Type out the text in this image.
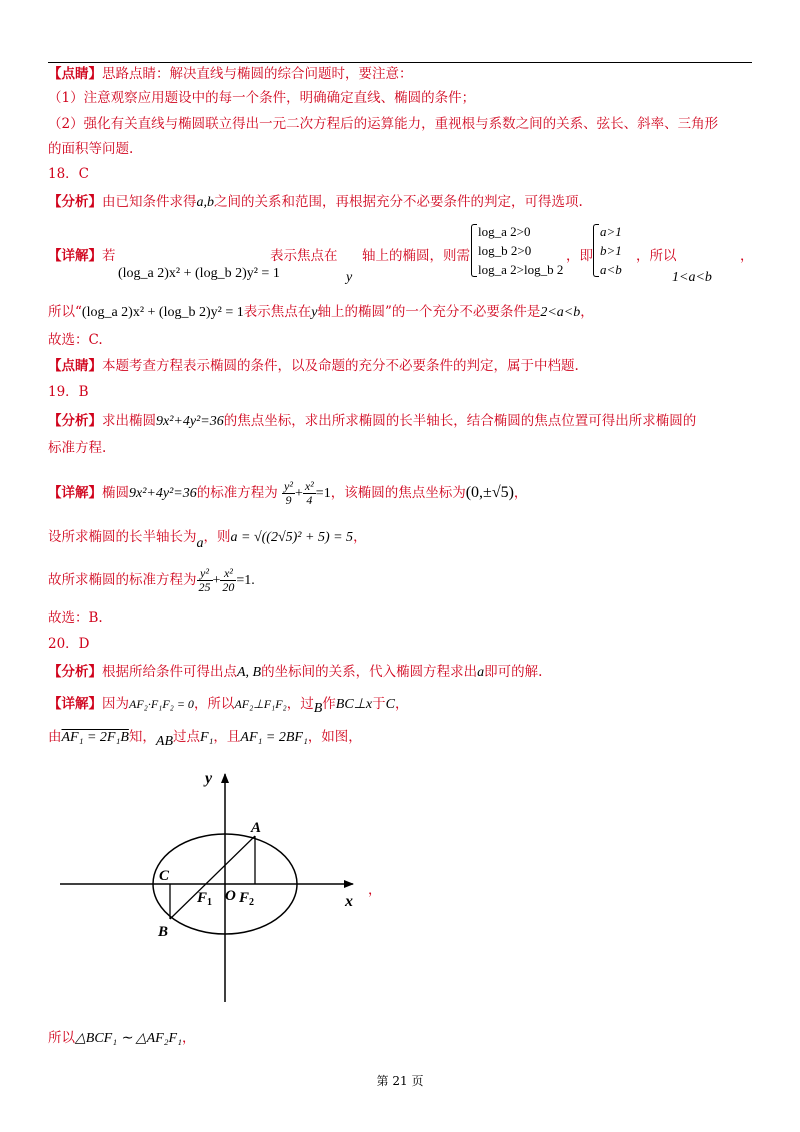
【点睛】思路点睛：解决直线与椭圆的综合问题时，要注意：
（1）注意观察应用题设中的每一个条件，明确确定直线、椭圆的条件；
（2）强化有关直线与椭圆联立得出一元二次方程后的运算能力，重视根与系数之间的关系、弦长、斜率、三角形
的面积等问题.
18．C
【分析】由已知条件求得a,b之间的关系和范围，再根据充分不必要条件的判定，可得选项.
【详解】若
(log_a 2)x² + (log_b 2)y² = 1
表示焦点在
y
轴上的椭圆，则需
log_a 2>0
log_b 2>0
log_a 2>log_b 2
，即
a>1
b>1
a<b
，所以	，
1<a<b
所以“(log_a 2)x² + (log_b 2)y² = 1表示焦点在y轴上的椭圆”的一个充分不必要条件是2<a<b，
故选：C.
【点睛】本题考查方程表示椭圆的条件，以及命题的充分不必要条件的判定，属于中档题.
19．B
【分析】求出椭圆9x²+4y²=36的焦点坐标，求出所求椭圆的长半轴长，结合椭圆的焦点位置可得出所求椭圆的
标准方程.
【详解】椭圆9x²+4y²=36的标准方程为 $\frac{\text{y²}}{9} + \frac{\text{x²}}{4} =1$，该椭圆的焦点坐标为(0,±√5)，
设所求椭圆的长半轴长为a，则a = √((2√5)² + 5) = 5，
故所求椭圆的标准方程为 $\frac{\text{y²}}{25} + \frac{\text{x²}}{20} =1$.
故选：B.
20．D
【分析】根据所给条件可得出点A, B的坐标间的关系，代入椭圆方程求出a即可的解.
【详解】因为AF₂·F₁F₂ = 0，所以AF₂⊥F₁F₂，过B作BC⊥x于C，
由AF₁ = 2F₁B知，AB过点F₁，且AF₁ = 2BF₁，如图，
y
x
A
B
C
O
$F_1$ $F_2$
，
所以△BCF₁ ∼ △AF₂F₁，
第 21 页
